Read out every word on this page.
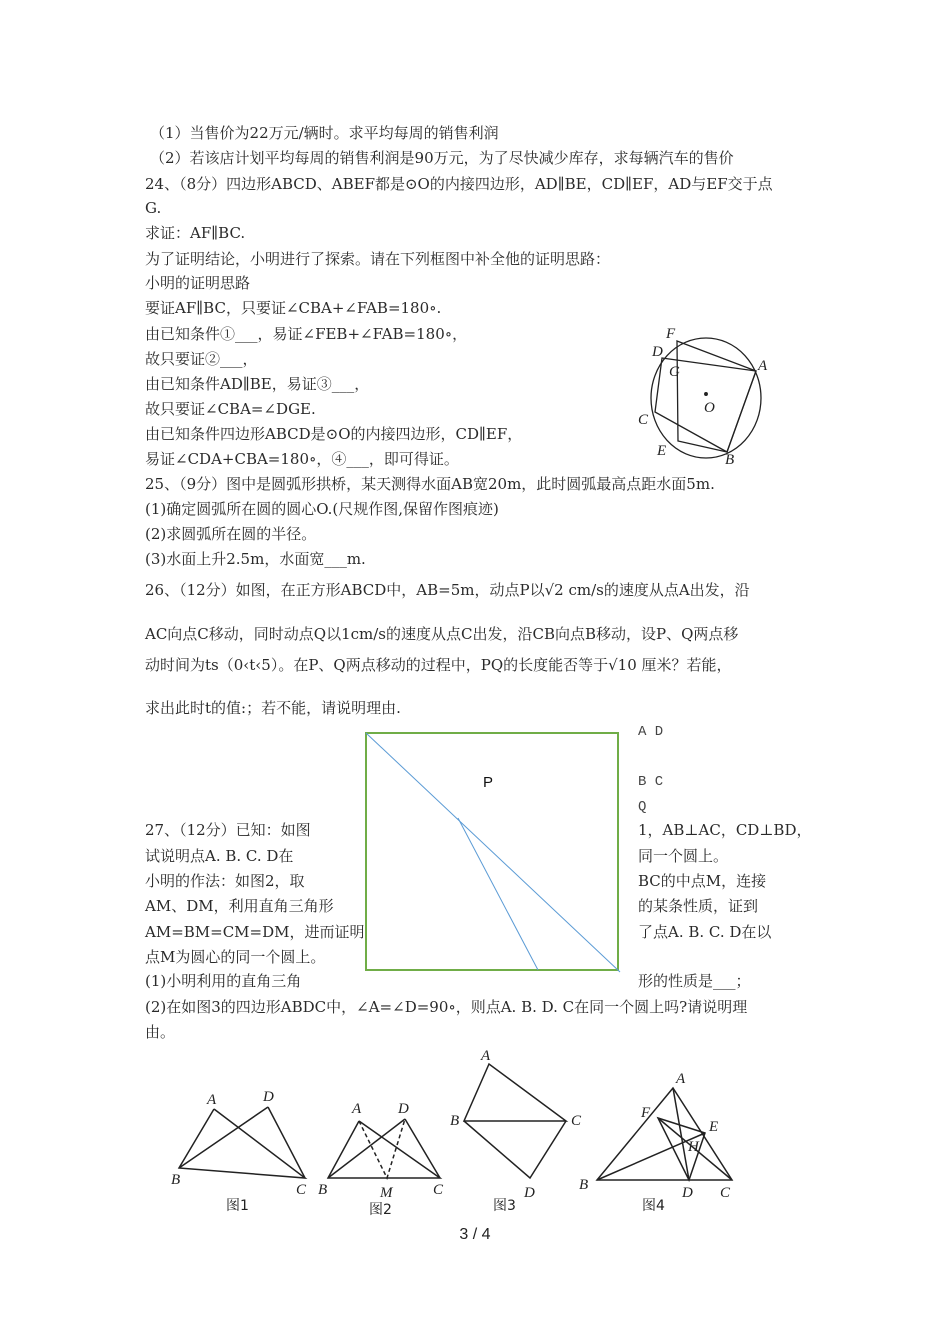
（1）当售价为22万元/辆时。求平均每周的销售利润
（2）若该店计划平均每周的销售利润是90万元，为了尽快减少库存，求每辆汽车的售价
24、（8分）四边形ABCD、ABEF都是⊙O的内接四边形，AD∥BE，CD∥EF，AD与EF交于点
G.
求证：AF∥BC.
为了证明结论，小明进行了探索。请在下列框图中补全他的证明思路：
小明的证明思路
要证AF∥BC，只要证∠CBA+∠FAB=180∘.
由已知条件①___，易证∠FEB+∠FAB=180∘，
故只要证②___，
由已知条件AD∥BE，易证③___，
故只要证∠CBA=∠DGE.
由已知条件四边形ABCD是⊙O的内接四边形，CD∥EF，
易证∠CDA+CBA=180∘，④___，即可得证。
25、（9分）图中是圆弧形拱桥，某天测得水面AB宽20m，此时圆弧最高点距水面5m.
(1)确定圆弧所在圆的圆心O.(尺规作图,保留作图痕迹)
(2)求圆弧所在圆的半径。
(3)水面上升2.5m，水面宽___m.
26、（12分）如图，在正方形ABCD中，AB=5m，动点P以√2 cm/s的速度从点A出发，沿
AC向点C移动，同时动点Q以1cm/s的速度从点C出发，沿CB向点B移动，设P、Q两点移
动时间为ts（0‹t‹5）。在P、Q两点移动的过程中，PQ的长度能否等于√10 厘米？若能，
求出此时t的值:；若不能，请说明理由.
A D
B C
Q
P
27、（12分）已知：如图
试说明点A. B. C. D在
小明的作法：如图2，取
AM、DM，利用直角三角形
AM=BM=CM=DM，进而证明
点M为圆心的同一个圆上。
(1)小明利用的直角三角
1，AB⊥AC，CD⊥BD，
同一个圆上。
BC的中点M，连接
的某条性质，证到
了点A. B. C. D在以
形的性质是___；
(2)在如图3的四边形ABDC中，∠A=∠D=90∘，则点A. B. D. C在同一个圆上吗?请说明理
由。
F
D
G	A
O
C
E
B
A	D
B
C
图1
A D
B	M	C
图2
A
B	C
D
图3
A
F
E
H
B	D C
图4
3 / 4
